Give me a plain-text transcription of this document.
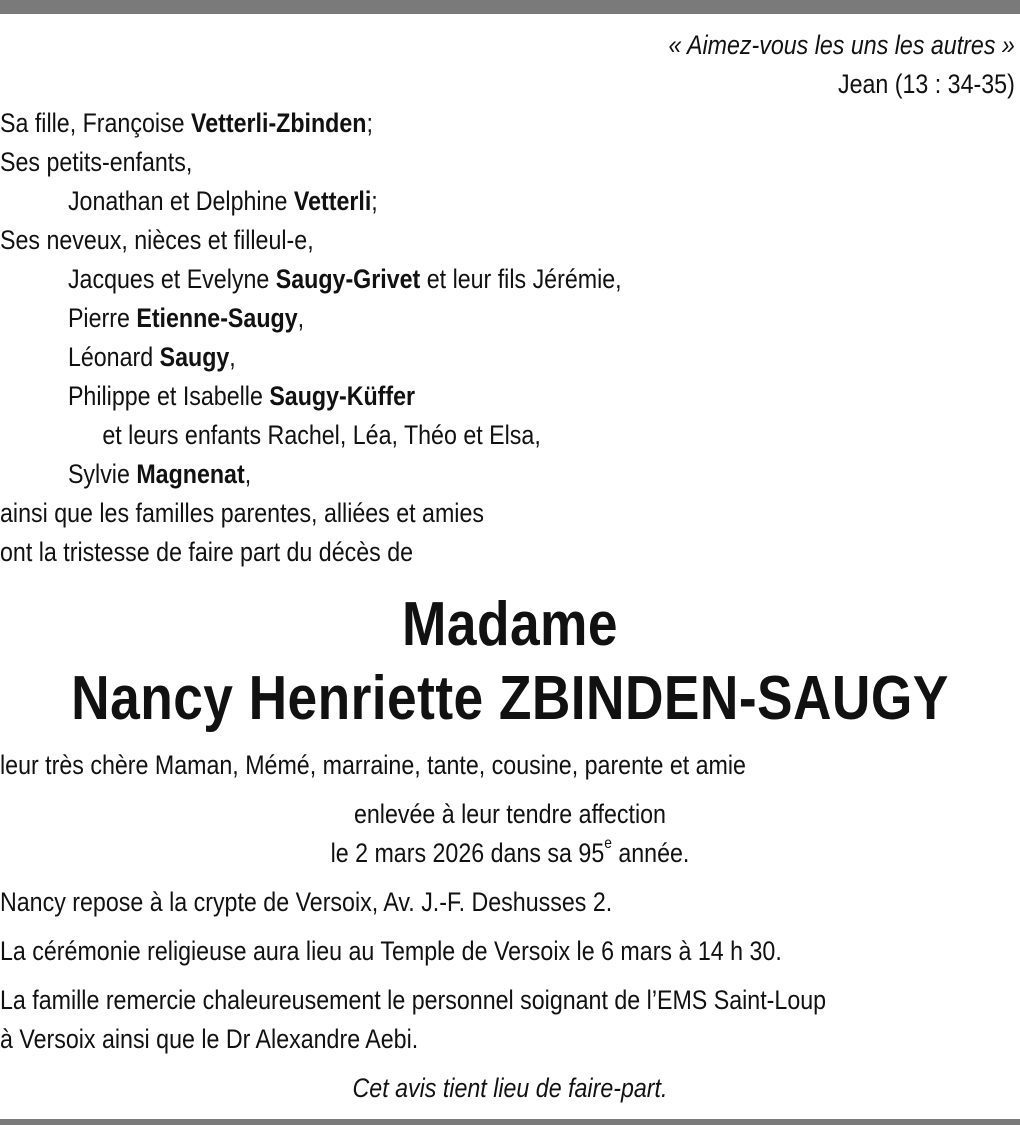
« Aimez-vous les uns les autres »
Jean (13 : 34-35)
Sa fille, Françoise Vetterli-Zbinden;
Ses petits-enfants,
Jonathan et Delphine Vetterli;
Ses neveux, nièces et filleul-e,
Jacques et Evelyne Saugy-Grivet et leur fils Jérémie,
Pierre Etienne-Saugy,
Léonard Saugy,
Philippe et Isabelle Saugy-Küffer
et leurs enfants Rachel, Léa, Théo et Elsa,
Sylvie Magnenat,
ainsi que les familles parentes, alliées et amies
ont la tristesse de faire part du décès de
Madame
Nancy Henriette ZBINDEN-SAUGY
leur très chère Maman, Mémé, marraine, tante, cousine, parente et amie
enlevée à leur tendre affection
le 2 mars 2026 dans sa 95e année.
Nancy repose à la crypte de Versoix, Av. J.-F. Deshusses 2.
La cérémonie religieuse aura lieu au Temple de Versoix le 6 mars à 14 h 30.
La famille remercie chaleureusement le personnel soignant de l’EMS Saint-Loup
à Versoix ainsi que le Dr Alexandre Aebi.
Cet avis tient lieu de faire-part.
